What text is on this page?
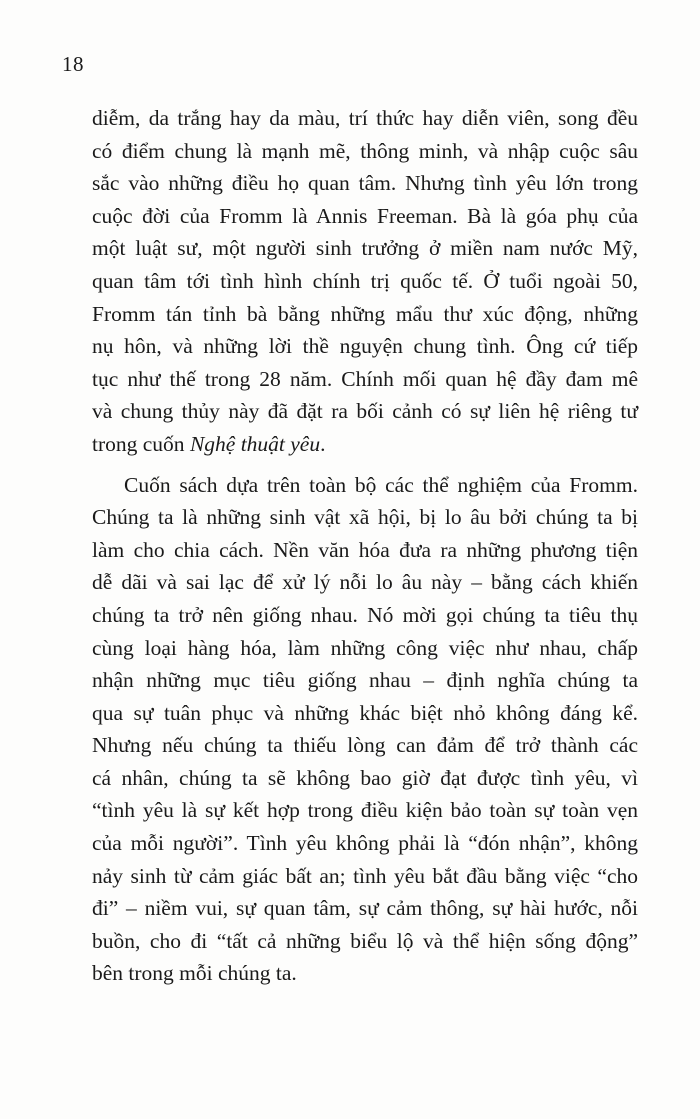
18

diễm, da trắng hay da màu, trí thức hay diễn viên, song đều
có điểm chung là mạnh mẽ, thông minh, và nhập cuộc sâu
sắc vào những điều họ quan tâm. Nhưng tình yêu lớn trong
cuộc đời của Fromm là Annis Freeman. Bà là góa phụ của
một luật sư, một người sinh trưởng ở miền nam nước Mỹ,
quan tâm tới tình hình chính trị quốc tế. Ở tuổi ngoài 50,
Fromm tán tỉnh bà bằng những mẩu thư xúc động, những
nụ hôn, và những lời thề nguyện chung tình. Ông cứ tiếp
tục như thế trong 28 năm. Chính mối quan hệ đầy đam mê
và chung thủy này đã đặt ra bối cảnh có sự liên hệ riêng tư
trong cuốn Nghệ thuật yêu.

Cuốn sách dựa trên toàn bộ các thể nghiệm của Fromm.
Chúng ta là những sinh vật xã hội, bị lo âu bởi chúng ta bị
làm cho chia cách. Nền văn hóa đưa ra những phương tiện
dễ dãi và sai lạc để xử lý nỗi lo âu này – bằng cách khiến
chúng ta trở nên giống nhau. Nó mời gọi chúng ta tiêu thụ
cùng loại hàng hóa, làm những công việc như nhau, chấp
nhận những mục tiêu giống nhau – định nghĩa chúng ta
qua sự tuân phục và những khác biệt nhỏ không đáng kể.
Nhưng nếu chúng ta thiếu lòng can đảm để trở thành các
cá nhân, chúng ta sẽ không bao giờ đạt được tình yêu, vì
“tình yêu là sự kết hợp trong điều kiện bảo toàn sự toàn vẹn
của mỗi người”. Tình yêu không phải là “đón nhận”, không
nảy sinh từ cảm giác bất an; tình yêu bắt đầu bằng việc “cho
đi” – niềm vui, sự quan tâm, sự cảm thông, sự hài hước, nỗi
buồn, cho đi “tất cả những biểu lộ và thể hiện sống động”
bên trong mỗi chúng ta.
